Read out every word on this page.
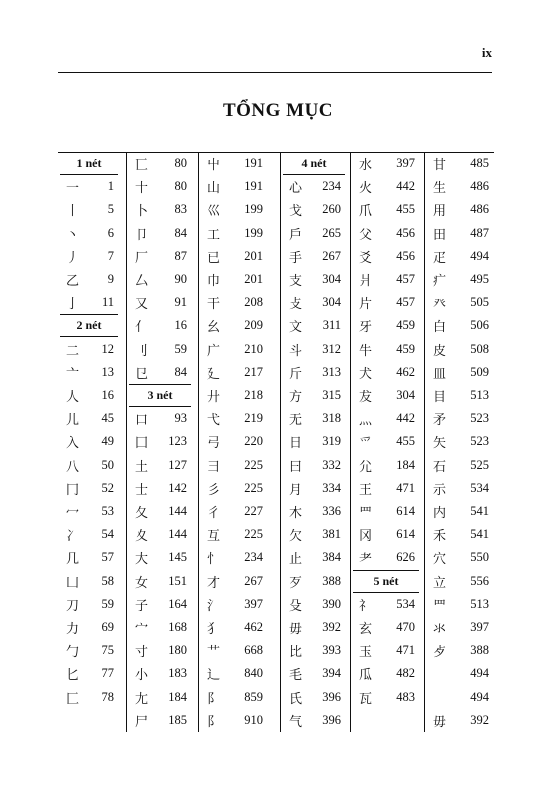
ix
TỔNG MỤC
1 nét
一 1
丨 5
丶 6
丿 7
乙 9
亅 11
2 nét
二 12
亠 13
人 16
儿 45
入 49
八 50
冂 52
冖 53
冫 54
几 57
凵 58
刀 59
力 69
勹 75
匕 77
匚 78
匸 80
十 80
卜 83
卩 84
厂 87
厶 90
又 91
亻 16
刂 59
㔾 84
3 nét
口 93
囗 123
土 127
士 142
夂 144
夊 144
大 145
女 151
子 164
宀 168
寸 180
小 183
尢 184
尸 185
屮 191
山 191
巛 199
工 199
已 201
巾 201
干 208
幺 209
广 210
廴 217
廾 218
弋 219
弓 220
彐 225
彡 225
彳 227
互 225
忄 234
才 267
氵 397
犭 462
艹 668
辶 840
阝 859
阝 910
4 nét
心 234
戈 260
戶 265
手 267
支 304
攴 304
文 311
斗 312
斤 313
方 315
无 318
日 319
曰 332
月 334
木 336
欠 381
止 384
歹 388
殳 390
毋 392
比 393
毛 394
氏 396
气 396
水 397
火 442
爪 455
父 456
爻 456
爿 457
片 457
牙 459
牛 459
犬 462
犮 304
灬 442
爫 455
尣 184
王 471
罒 614
冈 614
耂 626
5 nét
礻 534
玄 470
玉 471
瓜 482
瓦 483
甘 485
生 486
用 486
田 487
疋 494
疒 495
癶 505
白 506
皮 508
皿 509
目 513
矛 523
矢 523
石 525
示 534
内 541
禾 541
穴 550
立 556
罒 513
氺 397
歺 388
494
494
毋 392
